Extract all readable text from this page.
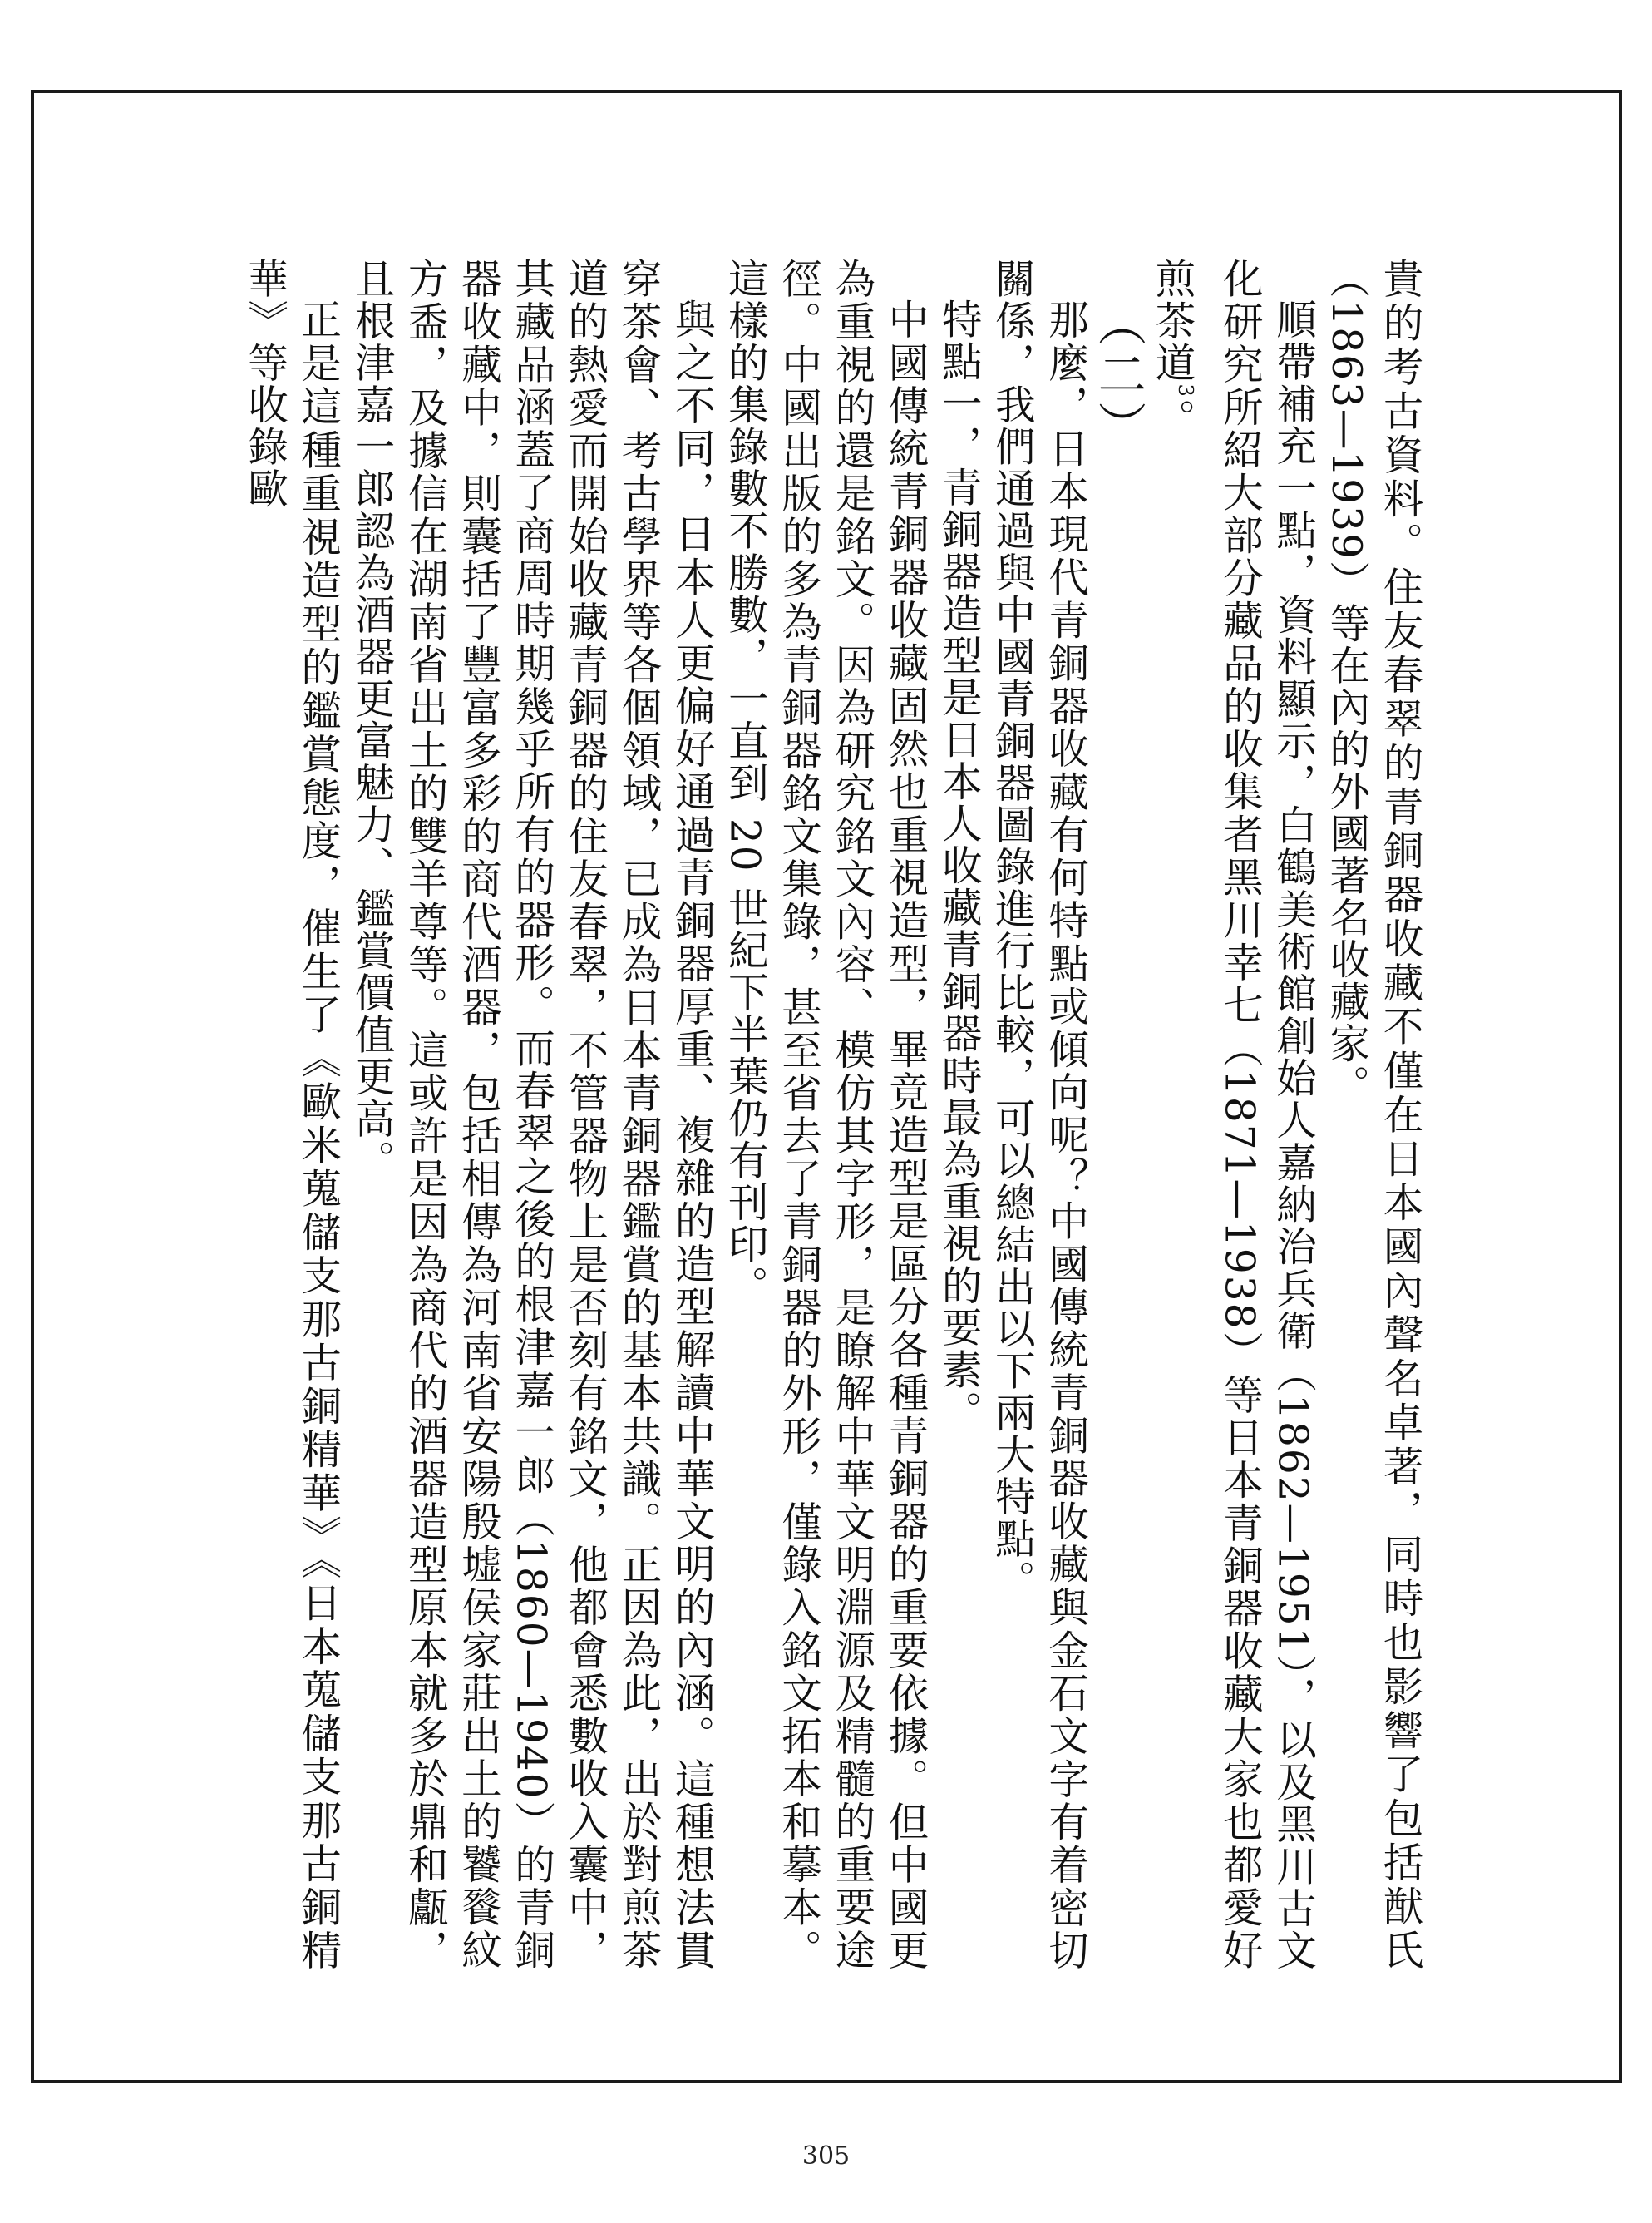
貴的考古資料。住友春翠的青銅器收藏不僅在日本國內聲名卓著，同時也影響了包括猷氏（1863—1939）等在內的外國著名收藏家。

順帶補充一點，資料顯示，白鶴美術館創始人嘉納治兵衛（1862—1951），以及黑川古文化研究所紹大部分藏品的收集者黑川幸七（1871—1938）等日本青銅器收藏大家也都愛好煎茶道$^3$。

（二）

那麼，日本現代青銅器收藏有何特點或傾向呢？中國傳統青銅器收藏與金石文字有着密切關係，我們通過與中國青銅器圖錄進行比較，可以總結出以下兩大特點。

特點一，青銅器造型是日本人收藏青銅器時最為重視的要素。

中國傳統青銅器收藏固然也重視造型，畢竟造型是區分各種青銅器的重要依據。但中國更為重視的還是銘文。因為研究銘文內容、模仿其字形，是瞭解中華文明淵源及精髓的重要途徑。中國出版的多為青銅器銘文集錄，甚至省去了青銅器的外形，僅錄入銘文拓本和摹本。這樣的集錄數不勝數，一直到 20 世紀下半葉仍有刊印。

與之不同，日本人更偏好通過青銅器厚重、複雜的造型解讀中華文明的內涵。這種想法貫穿茶會、考古學界等各個領域，已成為日本青銅器鑑賞的基本共識。正因為此，出於對煎茶道的熱愛而開始收藏青銅器的住友春翠，不管器物上是否刻有銘文，他都會悉數收入囊中，其藏品涵蓋了商周時期幾乎所有的器形。而春翠之後的根津嘉一郎（1860—1940）的青銅器收藏中，則囊括了豐富多彩的商代酒器，包括相傳為河南省安陽殷墟侯家莊出土的饕餮紋方盉，及據信在湖南省出土的雙羊尊等。這或許是因為商代的酒器造型原本就多於鼎和甗，且根津嘉一郎認為酒器更富魅力、鑑賞價值更高。

正是這種重視造型的鑑賞態度，催生了《歐米蒐儲支那古銅精華》《日本蒐儲支那古銅精華》等收錄歐

305
